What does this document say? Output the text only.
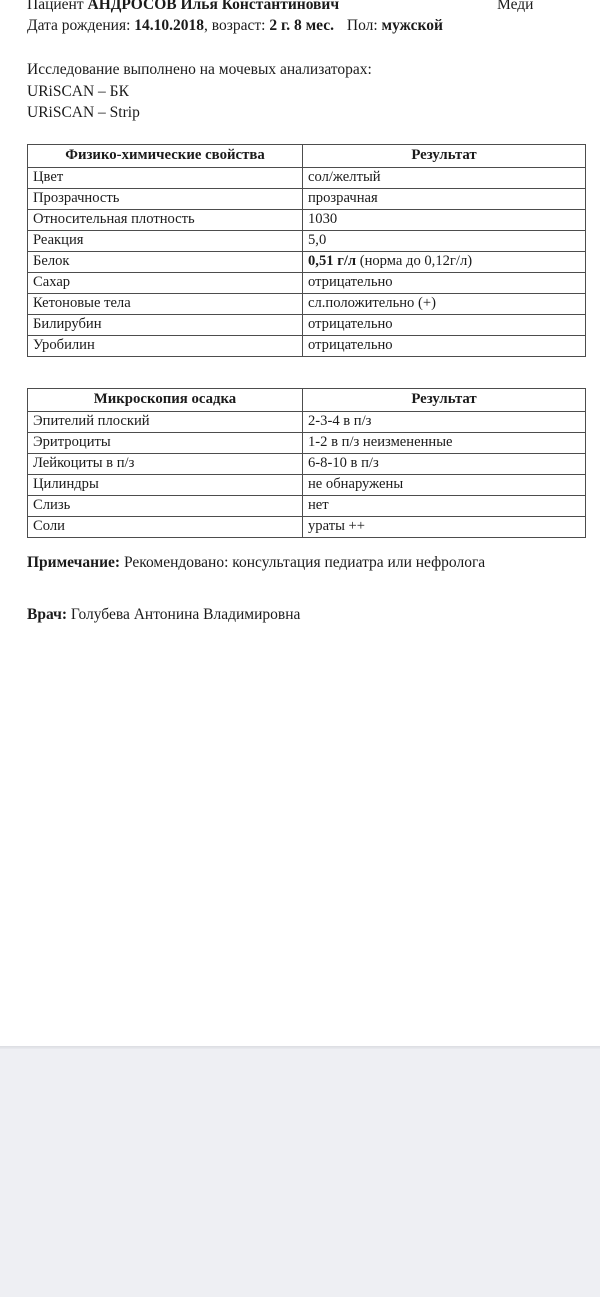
Пациент АНДРОСОВ Илья Константинович
Дата рождения: 14.10.2018, возраст: 2 г. 8 мес. Пол: мужской
Меди
Исследование выполнено на мочевых анализаторах:
URiSCAN – БК
URiSCAN – Strip
Физико-химические свойства	Результат
Цвет	сол/желтый
Прозрачность	прозрачная
Относительная плотность	1030
Реакция	5,0
Белок	0,51 г/л (норма до 0,12г/л)
Сахар	отрицательно
Кетоновые тела	сл.положительно (+)
Билирубин	отрицательно
Уробилин	отрицательно
Микроскопия осадка	Результат
Эпителий плоский	2-3-4 в п/з
Эритроциты	1-2 в п/з неизмененные
Лейкоциты в п/з	6-8-10 в п/з
Цилиндры	не обнаружены
Слизь	нет
Соли	ураты ++
Примечание: Рекомендовано: консультация педиатра или нефролога
Врач: Голубева Антонина Владимировна
